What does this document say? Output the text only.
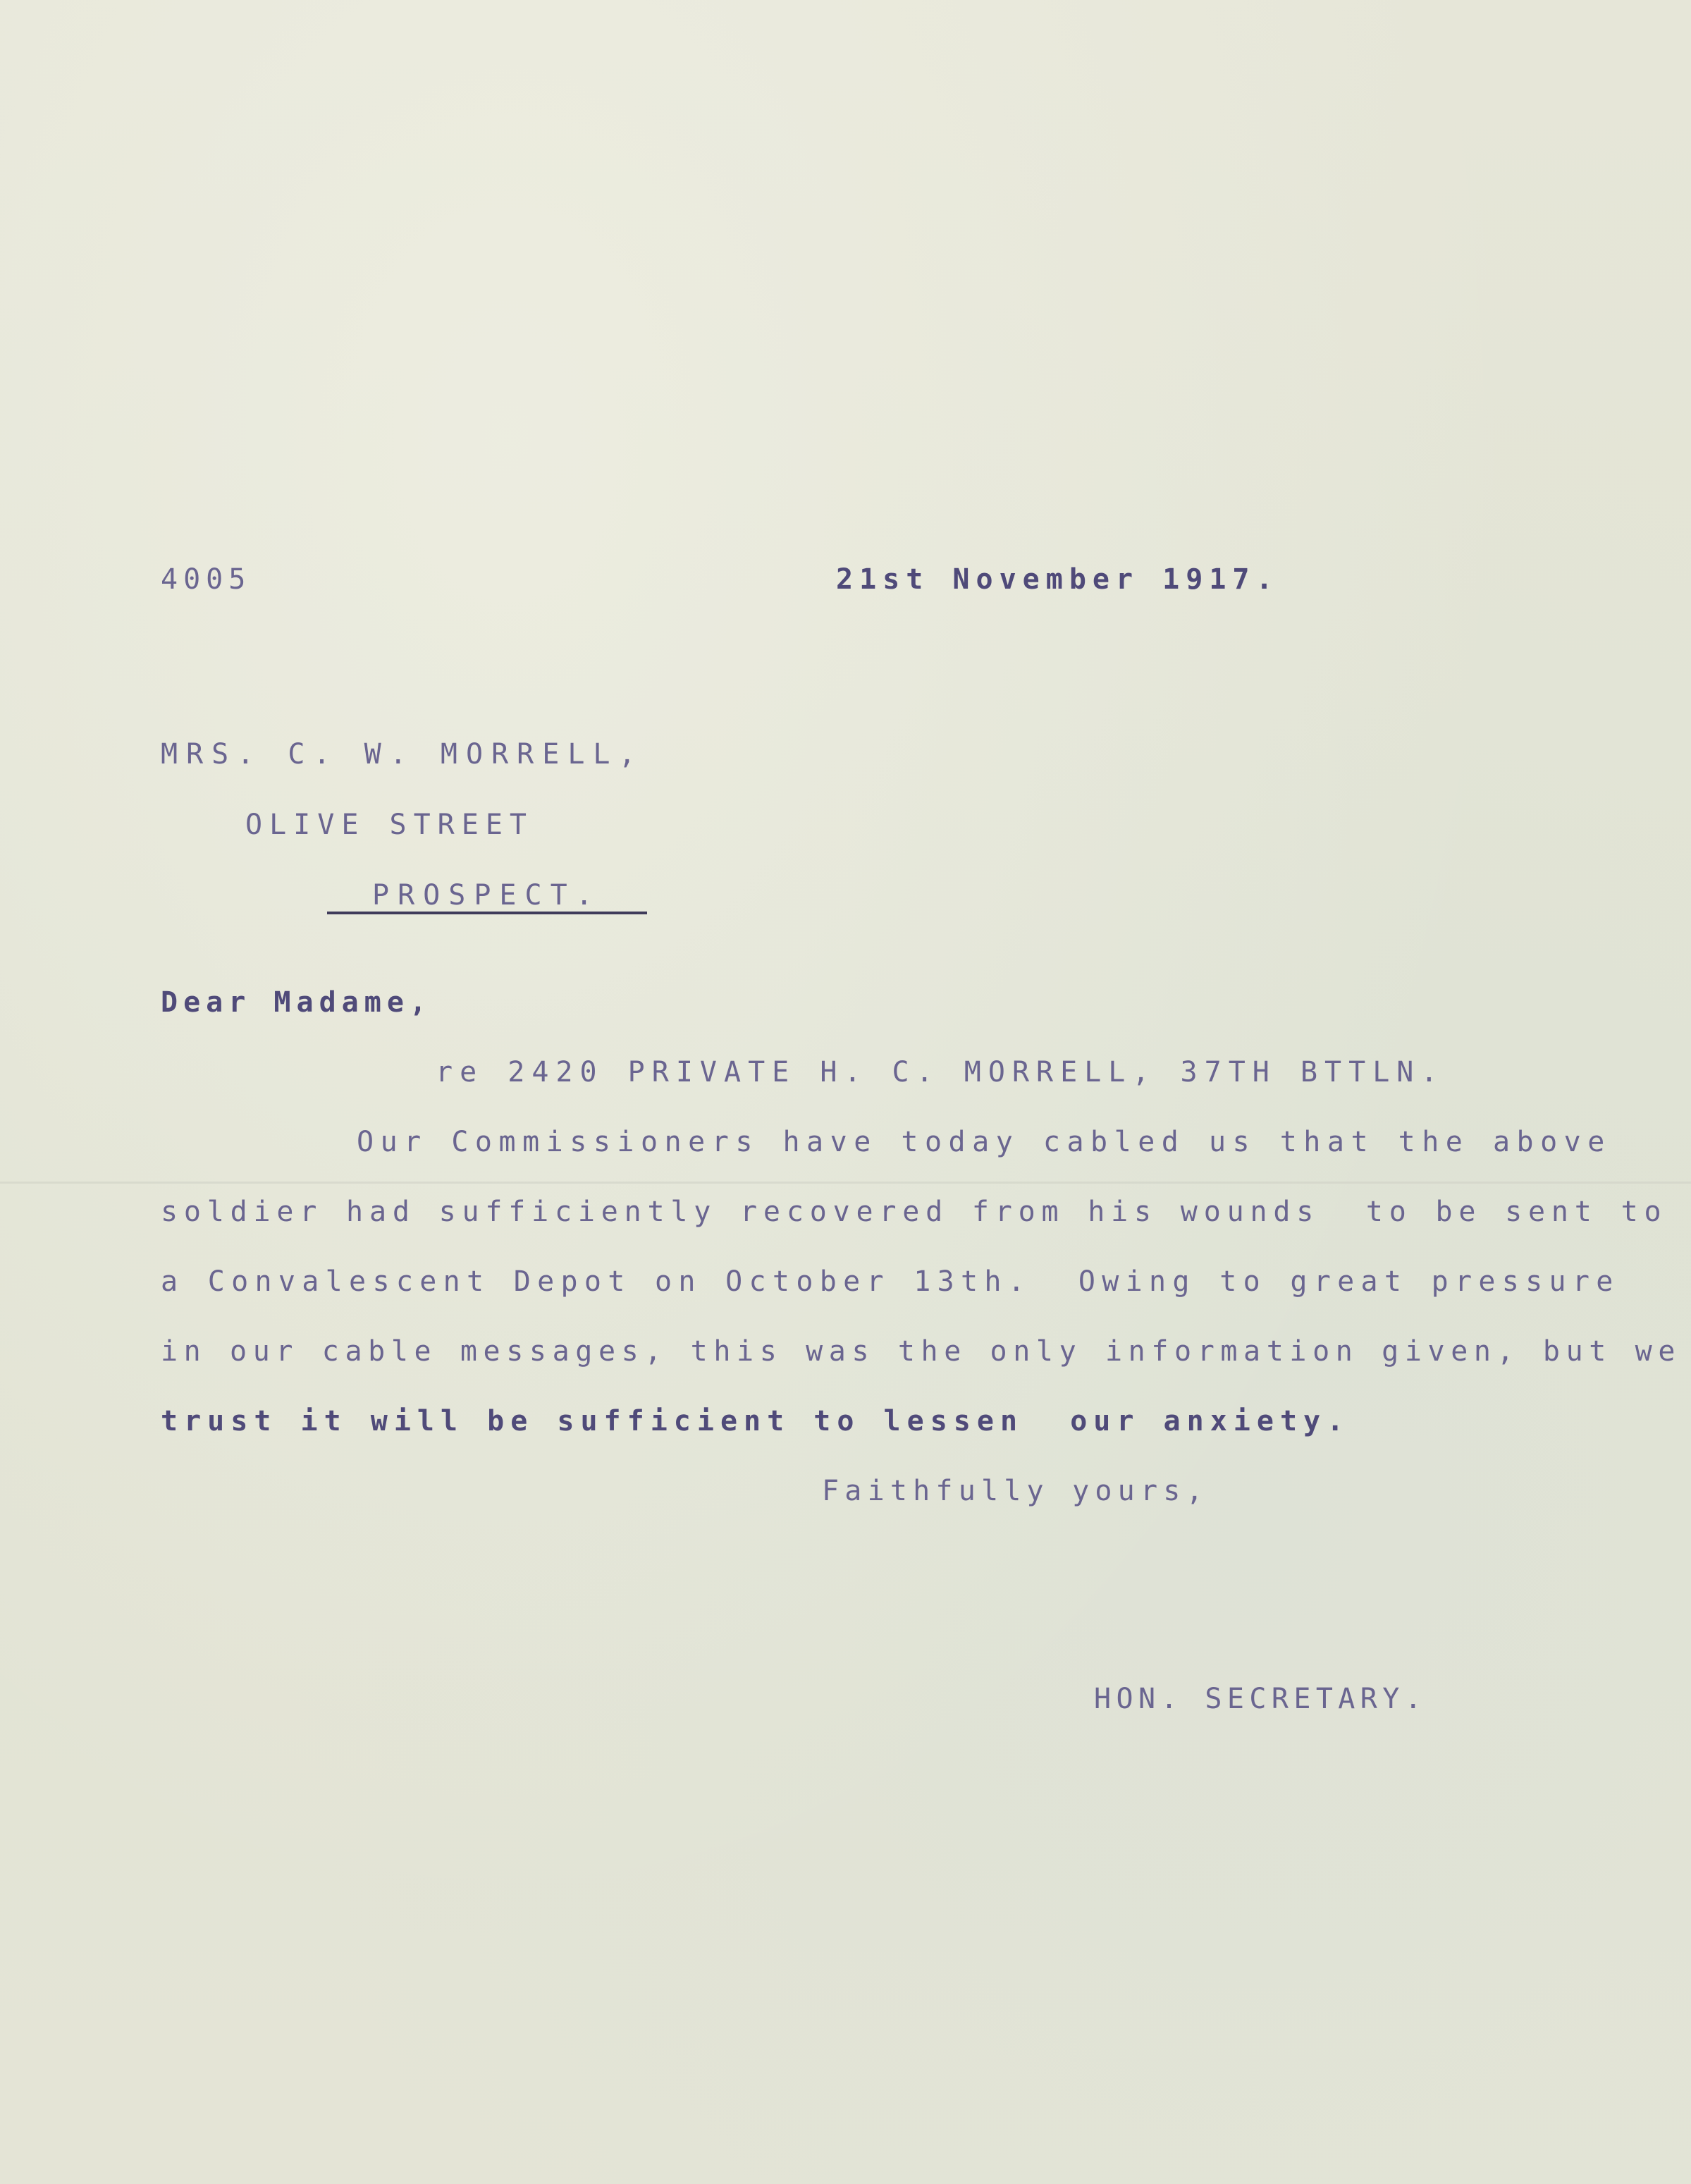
4005	21st November 1917.
MRS. C. W. MORRELL,
OLIVE STREET
PROSPECT.
Dear Madame,
re 2420 PRIVATE H. C. MORRELL, 37TH BTTLN.
Our Commissioners have today cabled us that the above
soldier had sufficiently recovered from his wounds  to be sent to
a Convalescent Depot on October 13th.  Owing to great pressure
in our cable messages, this was the only information given, but we
trust it will be sufficient to lessen  our anxiety.
Faithfully yours,
HON. SECRETARY.
